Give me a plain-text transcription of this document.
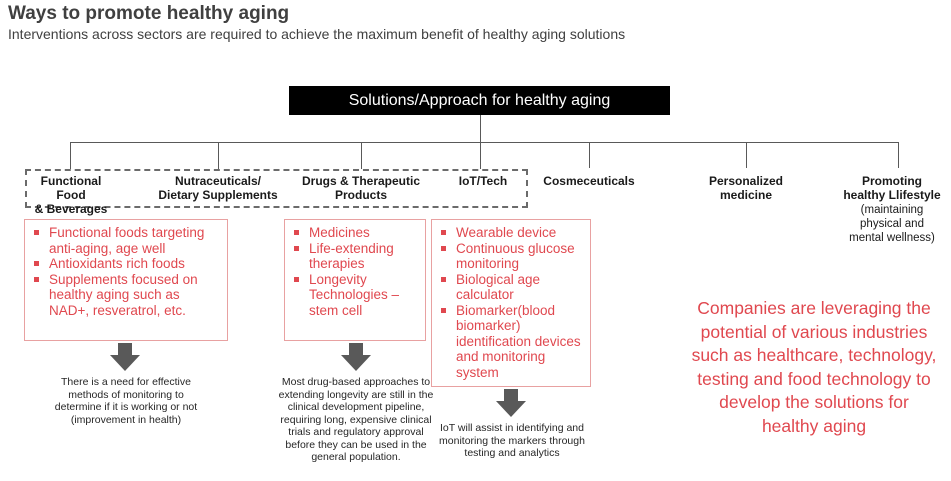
Ways to promote healthy aging
Interventions across sectors are required to achieve the maximum benefit of healthy aging solutions
Solutions/Approach for healthy aging
Functional Food
& Beverages
Nutraceuticals/
Dietary Supplements
Drugs & Therapeutic
Products
IoT/Tech	Cosmeceuticals	Personalized
medicine
Promoting
healthy Llifestyle
(maintaining
physical and
mental wellness)
Functional foods targeting anti-aging, age well
Antioxidants rich foods
Supplements focused on healthy aging such as NAD+, resveratrol, etc.
Medicines
Life-extending therapies
Longevity Technologies – stem cell
Wearable device
Continuous glucose monitoring
Biological age calculator
Biomarker(blood biomarker) identification devices and monitoring system
There is a need for effective methods of monitoring to determine if it is working or not (improvement in health)
Most drug-based approaches to extending longevity are still in the clinical development pipeline, requiring long, expensive clinical trials and regulatory approval before they can be used in the general population.
IoT will assist in identifying and monitoring the markers through testing and analytics
Companies are leveraging the potential of various industries such as healthcare, technology, testing and food technology to develop the solutions for healthy aging
